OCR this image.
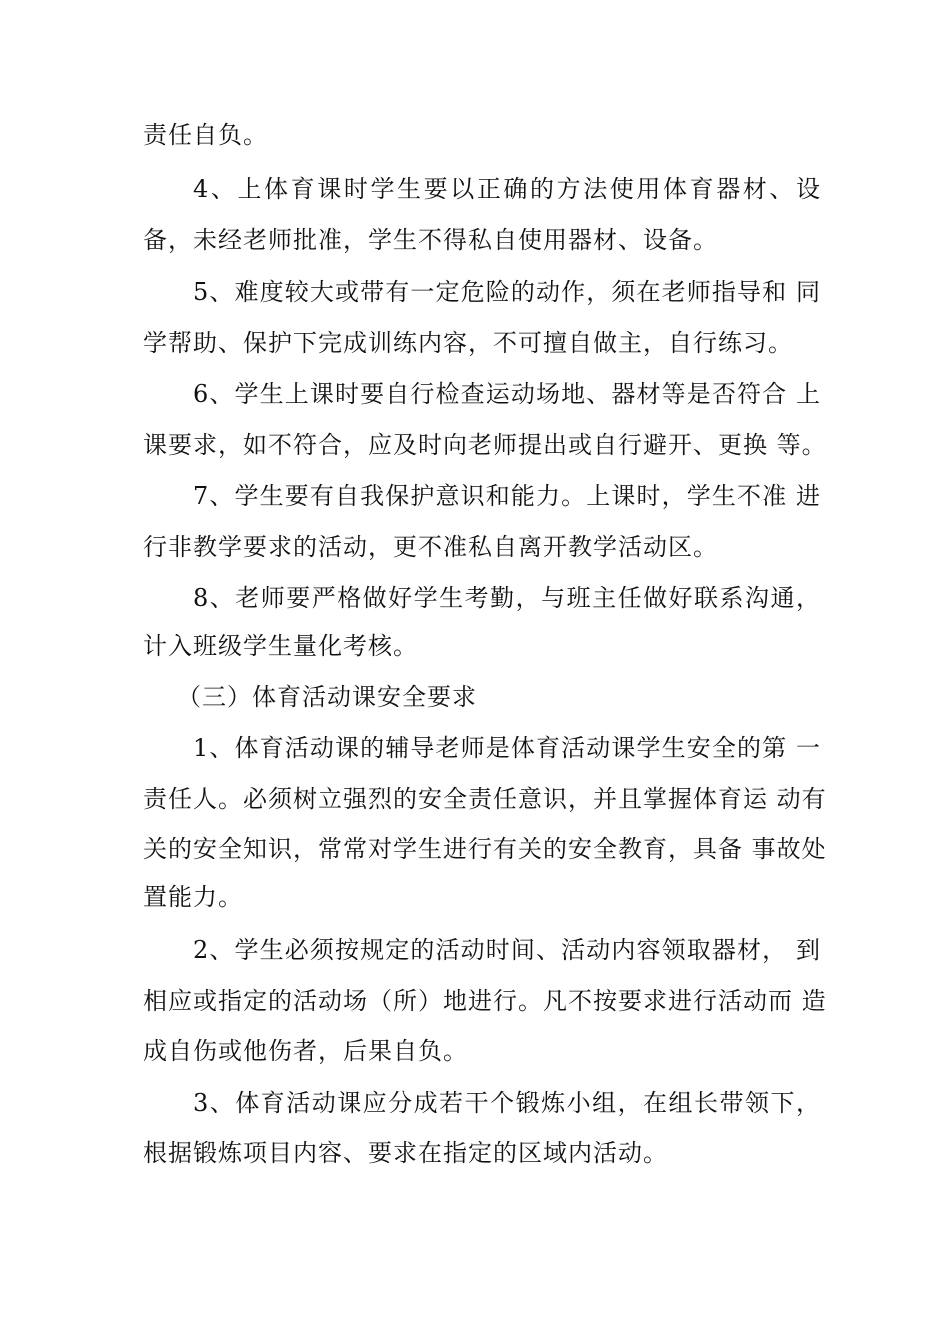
责任自负。
4、上体育课时学生要以正确的方法使用体育器材、设
备，未经老师批准，学生不得私自使用器材、设备。
5、难度较大或带有一定危险的动作，须在老师指导和 同
学帮助、保护下完成训练内容，不可擅自做主，自行练习。
6、学生上课时要自行检查运动场地、器材等是否符合 上
课要求，如不符合，应及时向老师提出或自行避开、更换 等。
7、学生要有自我保护意识和能力。上课时，学生不准 进
行非教学要求的活动，更不准私自离开教学活动区。
8、老师要严格做好学生考勤，与班主任做好联系沟通，
计入班级学生量化考核。
（三）体育活动课安全要求
1、体育活动课的辅导老师是体育活动课学生安全的第 一
责任人。必须树立强烈的安全责任意识，并且掌握体育运 动有
关的安全知识，常常对学生进行有关的安全教育，具备 事故处
置能力。
2、学生必须按规定的活动时间、活动内容领取器材， 到
相应或指定的活动场（所）地进行。凡不按要求进行活动而 造
成自伤或他伤者，后果自负。
3、体育活动课应分成若干个锻炼小组，在组长带领下，
根据锻炼项目内容、要求在指定的区域内活动。
